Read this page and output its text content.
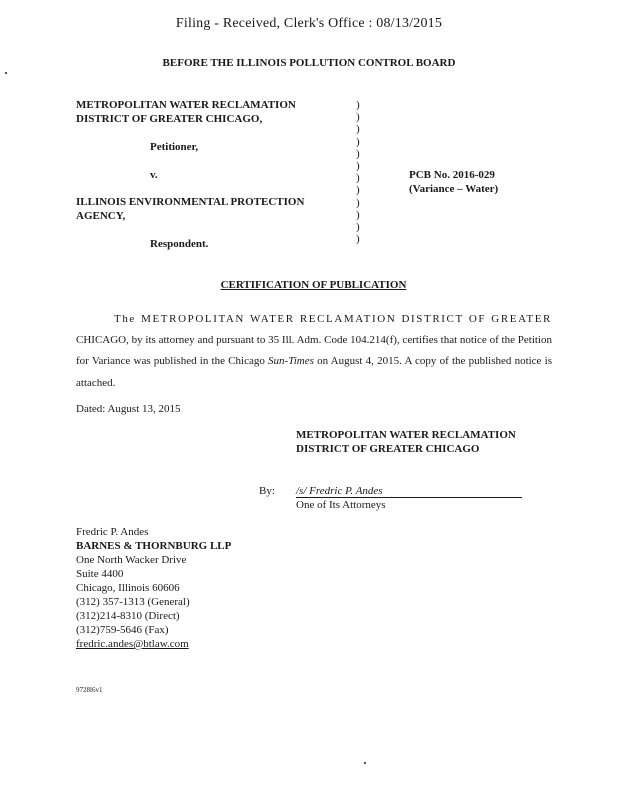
Filing - Received, Clerk's Office : 08/13/2015
BEFORE THE ILLINOIS POLLUTION CONTROL BOARD
METROPOLITAN WATER RECLAMATION
DISTRICT OF GREATER CHICAGO,
Petitioner,
v.
ILLINOIS ENVIRONMENTAL PROTECTION
AGENCY,
Respondent.
)
)
)
)
)
)
)
)
)
)
)
)
PCB No. 2016-029
(Variance – Water)
CERTIFICATION OF PUBLICATION
The METROPOLITAN WATER RECLAMATION DISTRICT OF GREATER CHICAGO, by its attorney and pursuant to 35 Ill. Adm. Code 104.214(f), certifies that notice of the Petition for Variance was published in the Chicago Sun-Times on August 4, 2015. A copy of the published notice is attached.
Dated: August 13, 2015
METROPOLITAN WATER RECLAMATION
DISTRICT OF GREATER CHICAGO
By: /s/ Fredric P. Andes
One of Its Attorneys
Fredric P. Andes
BARNES & THORNBURG LLP
One North Wacker Drive
Suite 4400
Chicago, Illinois 60606
(312) 357-1313 (General)
(312)214-8310 (Direct)
(312)759-5646 (Fax)
fredric.andes@btlaw.com
9728l6v1
